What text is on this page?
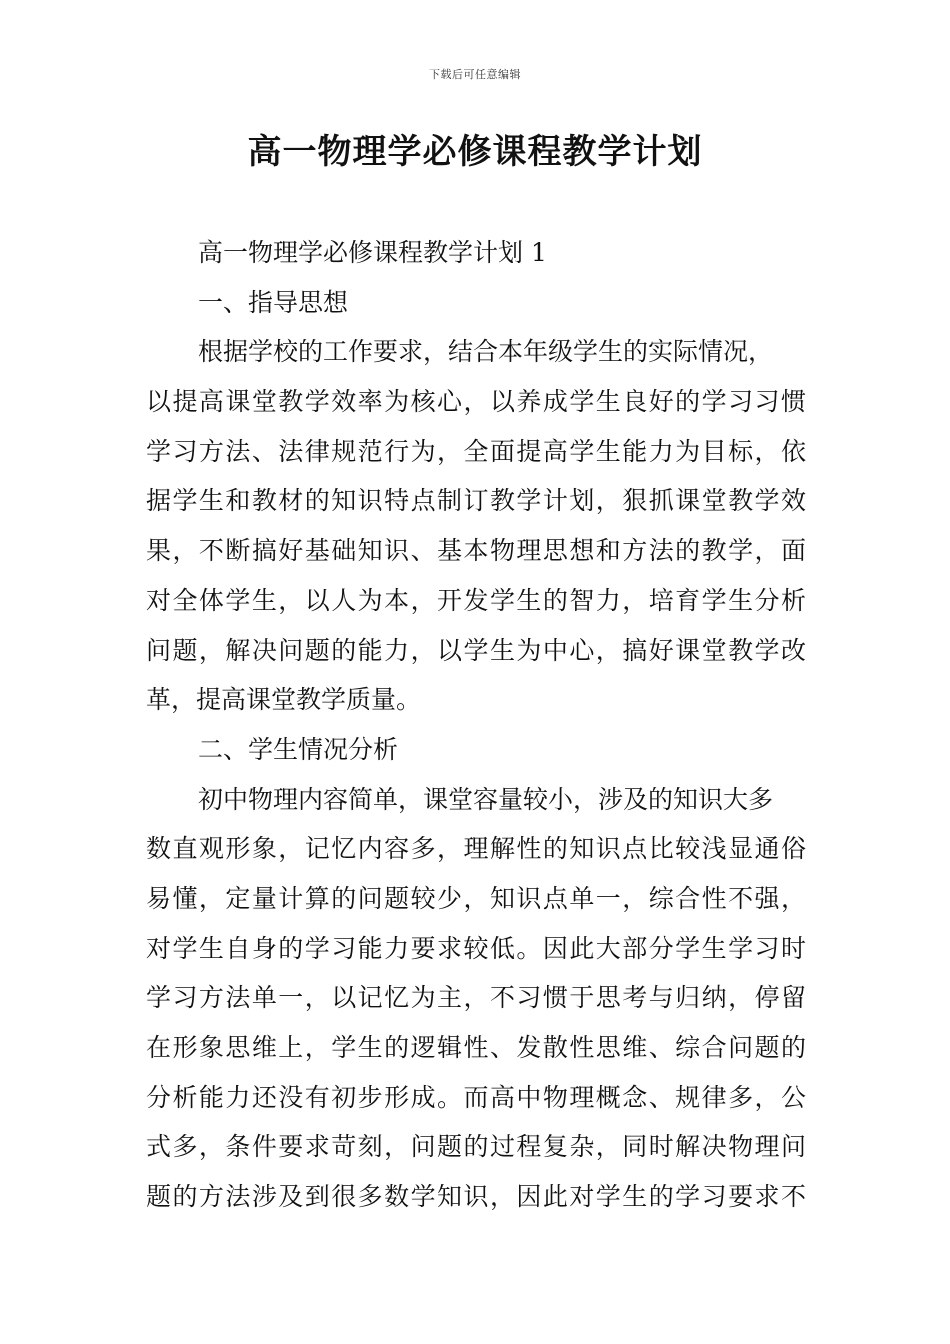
下载后可任意编辑
高一物理学必修课程教学计划
高一物理学必修课程教学计划 1
一、指导思想
根据学校的工作要求，结合本年级学生的实际情况，
以提高课堂教学效率为核心，以养成学生良好的学习习惯
学习方法、法律规范行为，全面提高学生能力为目标，依
据学生和教材的知识特点制订教学计划，狠抓课堂教学效
果，不断搞好基础知识、基本物理思想和方法的教学，面
对全体学生，以人为本，开发学生的智力，培育学生分析
问题，解决问题的能力，以学生为中心，搞好课堂教学改
革，提高课堂教学质量。
二、学生情况分析
初中物理内容简单，课堂容量较小，涉及的知识大多
数直观形象，记忆内容多，理解性的知识点比较浅显通俗
易懂，定量计算的问题较少，知识点单一，综合性不强，
对学生自身的学习能力要求较低。因此大部分学生学习时
学习方法单一，以记忆为主，不习惯于思考与归纳，停留
在形象思维上，学生的逻辑性、发散性思维、综合问题的
分析能力还没有初步形成。而高中物理概念、规律多，公
式多，条件要求苛刻，问题的过程复杂，同时解决物理问
题的方法涉及到很多数学知识，因此对学生的学习要求不
